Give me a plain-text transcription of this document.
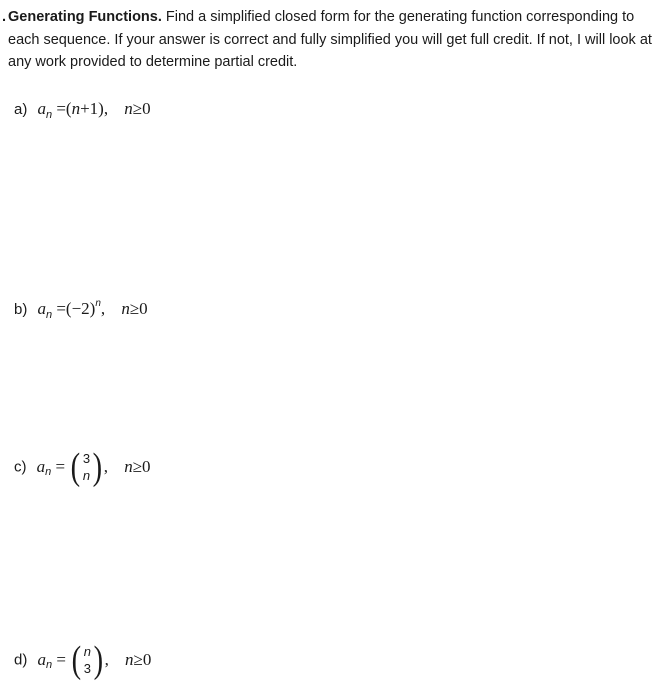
. Generating Functions. Find a simplified closed form for the generating function corresponding to each sequence. If your answer is correct and fully simplified you will get full credit. If not, I will look at any work provided to determine partial credit.
a) $a_n =(n+1)$, n≥0
b) $a_n =(-2)^n$, n≥0
c) $a_n$ = ( 3
n ) , n≥0
d) $a_n$ = ( n
3 ) , n≥0
